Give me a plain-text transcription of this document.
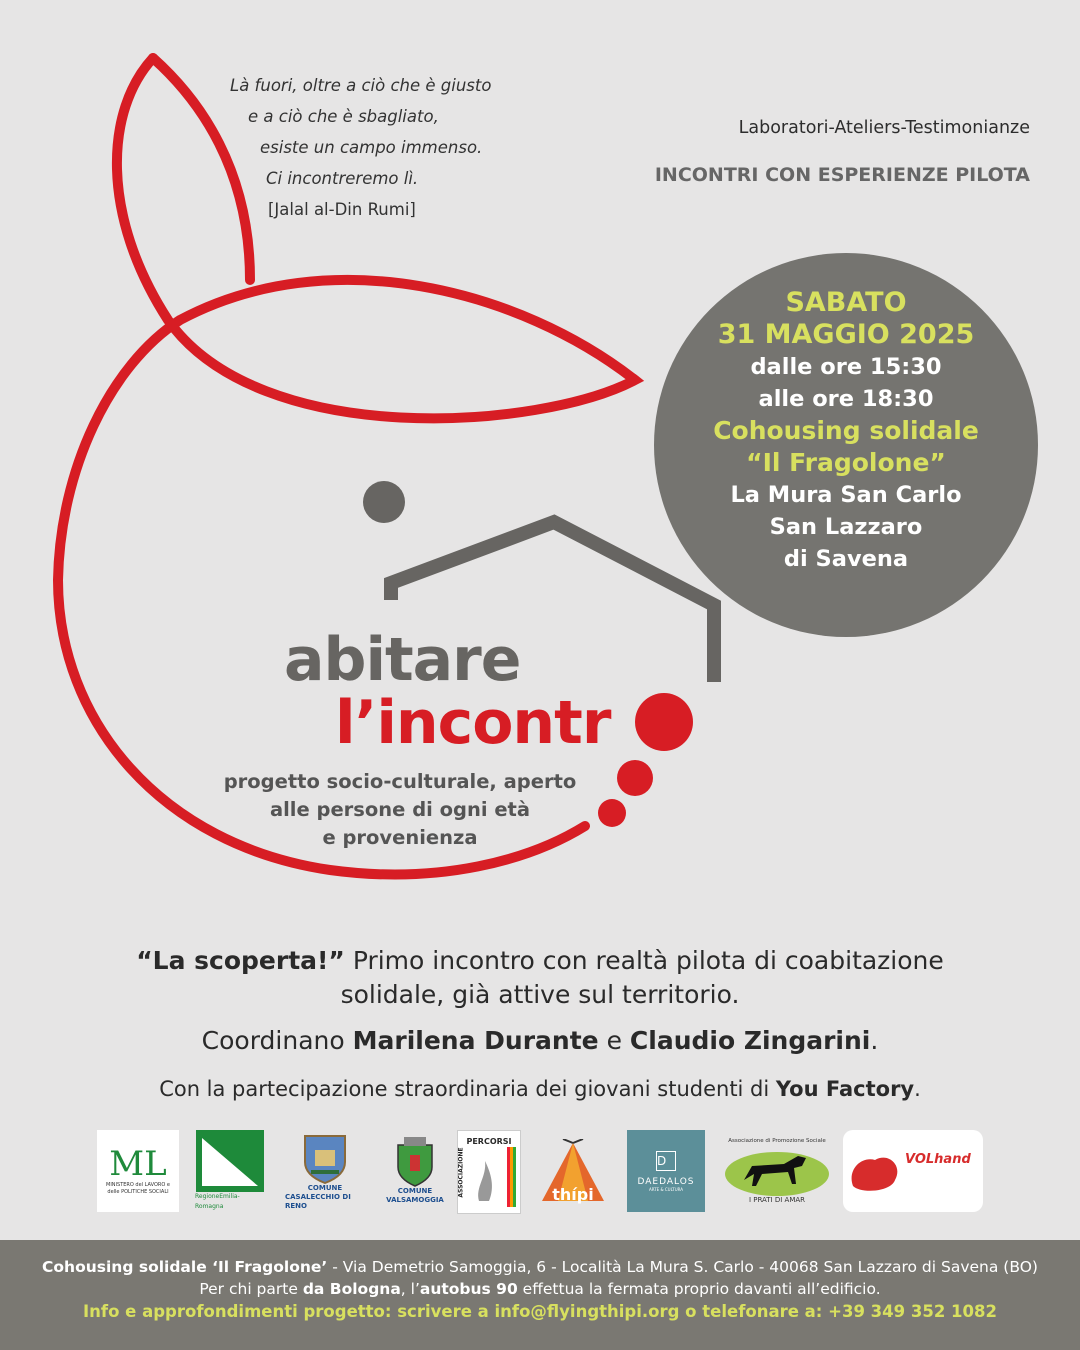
Là fuori, oltre a ciò che è giusto
e a ciò che è sbagliato,
esiste un campo immenso.
Ci incontreremo lì.
[Jalal al-Din Rumi]
Laboratori-Ateliers-Testimonianze
INCONTRI CON ESPERIENZE PILOTA
SABATO
31 MAGGIO 2025
dalle ore 15:30
alle ore 18:30
Cohousing solidale
“Il Fragolone”
La Mura San Carlo
San Lazzaro
di Savena
abitare
l’incontr
progetto socio-culturale, aperto
alle persone di ogni età
e provenienza
“La scoperta!” Primo incontro con realtà pilota di coabitazione
solidale, già attive sul territorio.
Coordinano Marilena Durante e Claudio Zingarini.
Con la partecipazione straordinaria dei giovani studenti di You Factory.
ML
MINISTERO del LAVORO e delle POLITICHE SOCIALI
RegioneEmilia-Romagna
COMUNE
CASALECCHIO DI RENO
COMUNE
VALSAMOGGIA
PERCORSI
ASSOCIAZIONE	thípi
D
DAEDALOS
ARTE & CULTURA
Associazione di Promozione Sociale
I PRATI DI AMAR
VOLhand
Cohousing solidale ‘Il Fragolone’ - Via Demetrio Samoggia, 6 - Località La Mura S. Carlo - 40068 San Lazzaro di Savena (BO)
Per chi parte da Bologna, l’autobus 90 effettua la fermata proprio davanti all’edificio.
Info e approfondimenti progetto: scrivere a info@flyingthipi.org o telefonare a: +39 349 352 1082
